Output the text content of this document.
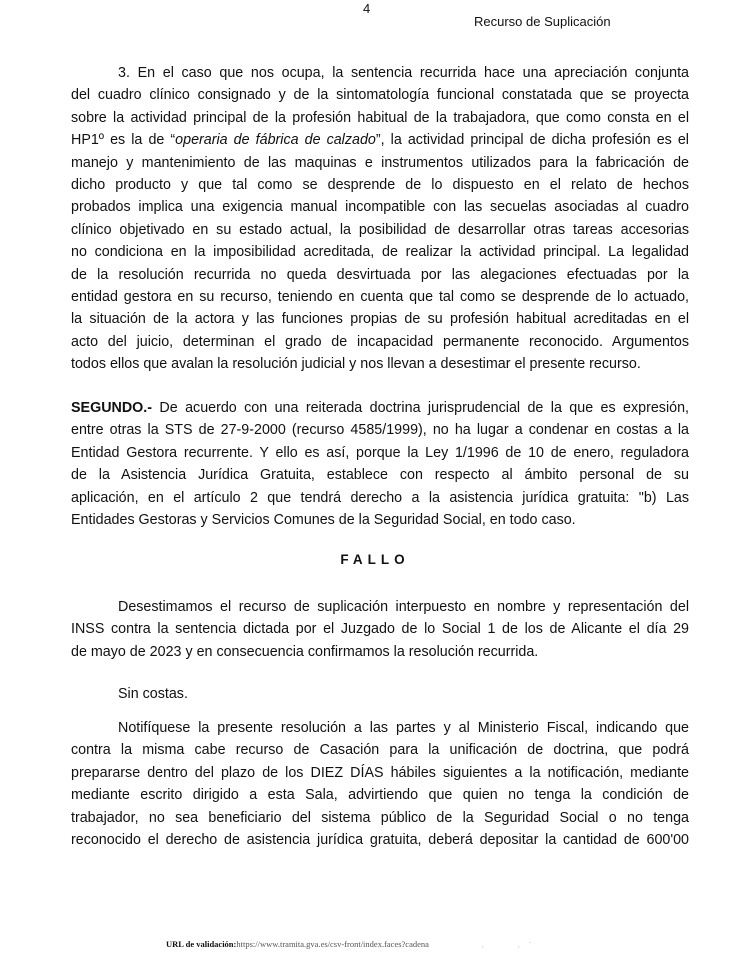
4
Recurso de Suplicación

3. En el caso que nos ocupa, la sentencia recurrida hace una apreciación conjunta
del cuadro clínico consignado y de la sintomatología funcional constatada que se proyecta
sobre la actividad principal de la profesión habitual de la trabajadora, que como consta en el
HP1º es la de “operaria de fábrica de calzado”, la actividad principal de dicha profesión es el
manejo y mantenimiento de las maquinas e instrumentos utilizados para la fabricación de
dicho producto y que tal como se desprende de lo dispuesto en el relato de hechos
probados implica una exigencia manual incompatible con las secuelas asociadas al cuadro
clínico objetivado en su estado actual, la posibilidad de desarrollar otras tareas accesorias
no condiciona en la imposibilidad acreditada, de realizar la actividad principal. La legalidad
de la resolución recurrida no queda desvirtuada por las alegaciones efectuadas por la
entidad gestora en su recurso, teniendo en cuenta que tal como se desprende de lo actuado,
la situación de la actora y las funciones propias de su profesión habitual acreditadas en el
acto del juicio, determinan el grado de incapacidad permanente reconocido. Argumentos
todos ellos que avalan la resolución judicial y nos llevan a desestimar el presente recurso.

SEGUNDO.- De acuerdo con una reiterada doctrina jurisprudencial de la que es expresión,
entre otras la STS de 27-9-2000 (recurso 4585/1999), no ha lugar a condenar en costas a la
Entidad Gestora recurrente. Y ello es así, porque la Ley 1/1996 de 10 de enero, reguladora
de la Asistencia Jurídica Gratuita, establece con respecto al ámbito personal de su
aplicación, en el artículo 2 que tendrá derecho a la asistencia jurídica gratuita: "b) Las
Entidades Gestoras y Servicios Comunes de la Seguridad Social, en todo caso.

FALLO

Desestimamos el recurso de suplicación interpuesto en nombre y representación del
INSS contra la sentencia dictada por el Juzgado de lo Social 1 de los de Alicante el día 29
de mayo de 2023 y en consecuencia confirmamos la resolución recurrida.

Sin costas.

Notifíquese la presente resolución a las partes y al Ministerio Fiscal, indicando que
contra la misma cabe recurso de Casación para la unificación de doctrina, que podrá
prepararse dentro del plazo de los DIEZ DÍAS hábiles siguientes a la notificación, mediante
mediante escrito dirigido a esta Sala, advirtiendo que quien no tenga la condición de
trabajador, no sea beneficiario del sistema público de la Seguridad Social o no tenga
reconocido el derecho de asistencia jurídica gratuita, deberá depositar la cantidad de 600'00

URL de validación:https://www.tramita.gva.es/csv-front/index.faces?cadena	,	, `
